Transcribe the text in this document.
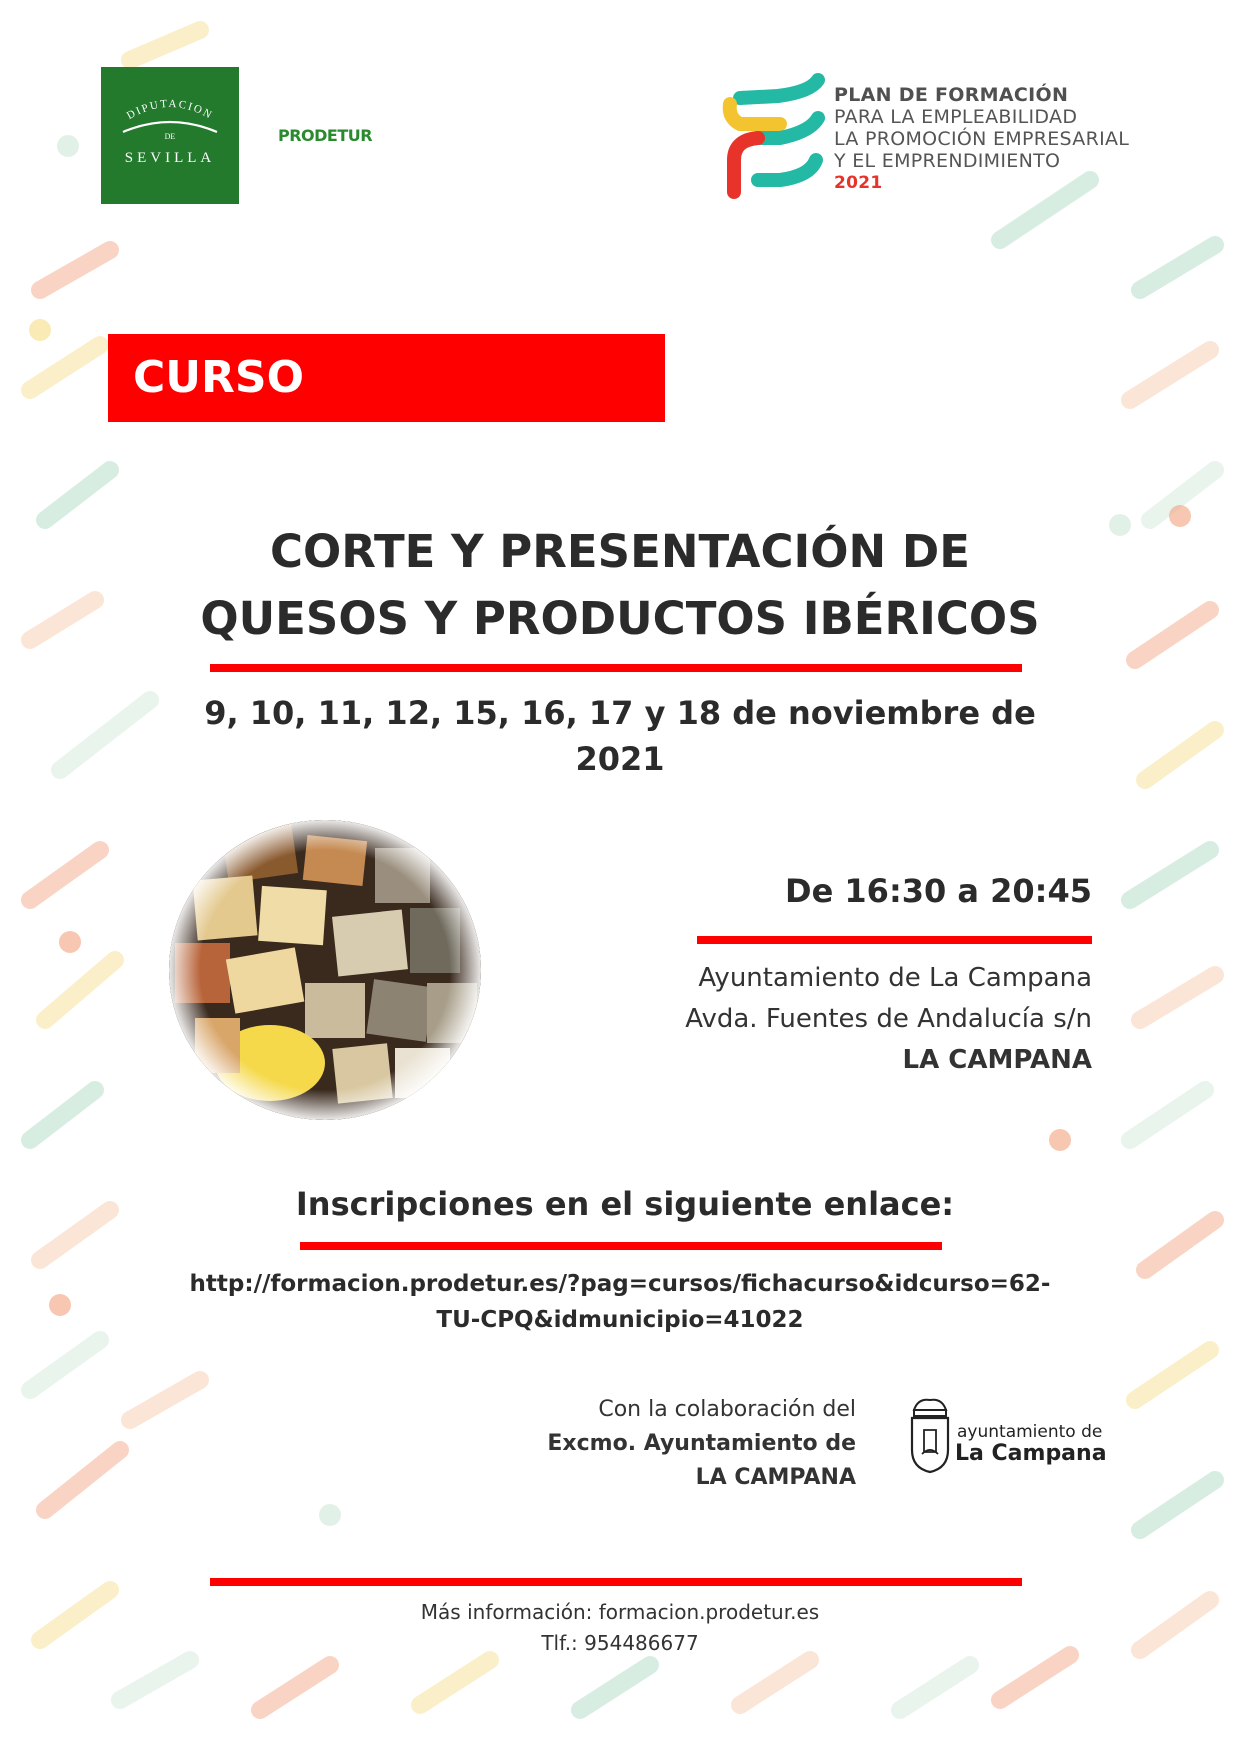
DIPUTACION
DE
SEVILLA
PRODETUR
PLAN DE FORMACIÓN
PARA LA EMPLEABILIDAD
LA PROMOCIÓN EMPRESARIAL
Y EL EMPRENDIMIENTO
2021
CURSO
CORTE Y PRESENTACIÓN DE
QUESOS Y PRODUCTOS IBÉRICOS
9, 10, 11, 12, 15, 16, 17 y 18 de noviembre de
2021
De 16:30 a 20:45
Ayuntamiento de La Campana
Avda. Fuentes de Andalucía s/n
LA CAMPANA
Inscripciones en el siguiente enlace:
http://formacion.prodetur.es/?pag=cursos/fichacurso&idcurso=62-
TU-CPQ&idmunicipio=41022
Con la colaboración del
Excmo. Ayuntamiento de
LA CAMPANA
ayuntamiento de
La Campana
Más información: formacion.prodetur.es
Tlf.: 954486677
